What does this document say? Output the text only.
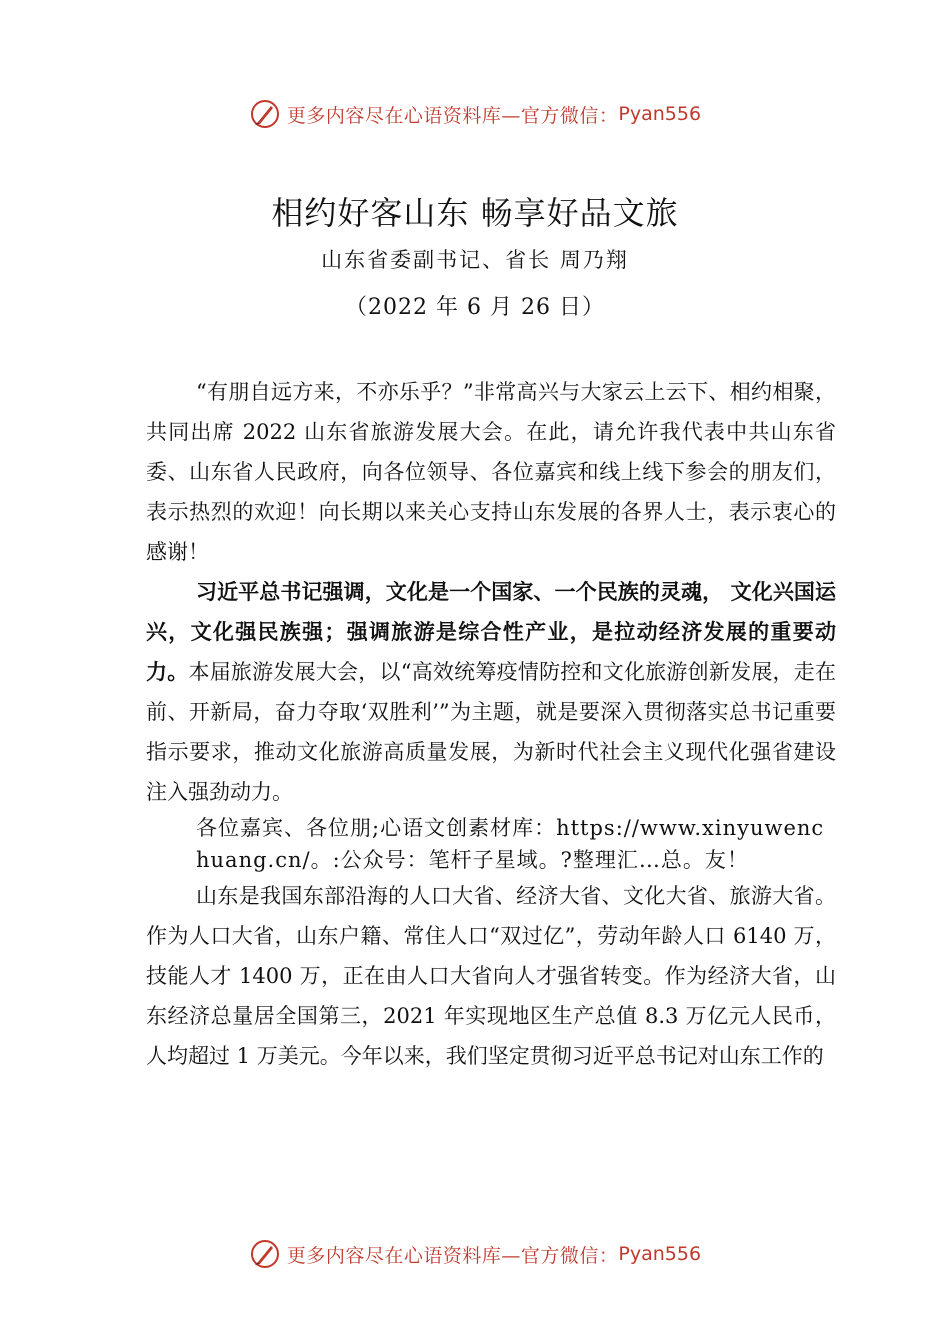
更多内容尽在心语资料库—官方微信： Pyan556
相约好客山东 畅享好品文旅
山东省委副书记、省长 周乃翔
（2022 年 6 月 26 日）

“有朋自远方来，不亦乐乎？”非常高兴与大家云上云下、相约相聚，共同出席 2022 山东省旅游发展大会。在此，请允许我代表中共山东省委、山东省人民政府，向各位领导、各位嘉宾和线上线下参会的朋友们，表示热烈的欢迎！向长期以来关心支持山东发展的各界人士，表示衷心的感谢！

习近平总书记强调，文化是一个国家、一个民族的灵魂， 文化兴国运兴，文化强民族强；强调旅游是综合性产业，是拉动经济发展的重要动力。本届旅游发展大会，以“高效统筹疫情防控和文化旅游创新发展，走在前、开新局，奋力夺取‘双胜利’”为主题，就是要深入贯彻落实总书记重要指示要求，推动文化旅游高质量发展，为新时代社会主义现代化强省建设注入强劲动力。

各位嘉宾、各位朋;心语文创素材库：https://www.xinyuwenchuang.cn/。:公众号：笔杆子星域。?整理汇…总。友！

山东是我国东部沿海的人口大省、经济大省、文化大省、旅游大省。作为人口大省，山东户籍、常住人口“双过亿”，劳动年龄人口 6140 万，技能人才 1400 万，正在由人口大省向人才强省转变。作为经济大省，山东经济总量居全国第三，2021 年实现地区生产总值 8.3 万亿元人民币，人均超过 1 万美元。今年以来，我们坚定贯彻习近平总书记对山东工作的

更多内容尽在心语资料库—官方微信： Pyan556
